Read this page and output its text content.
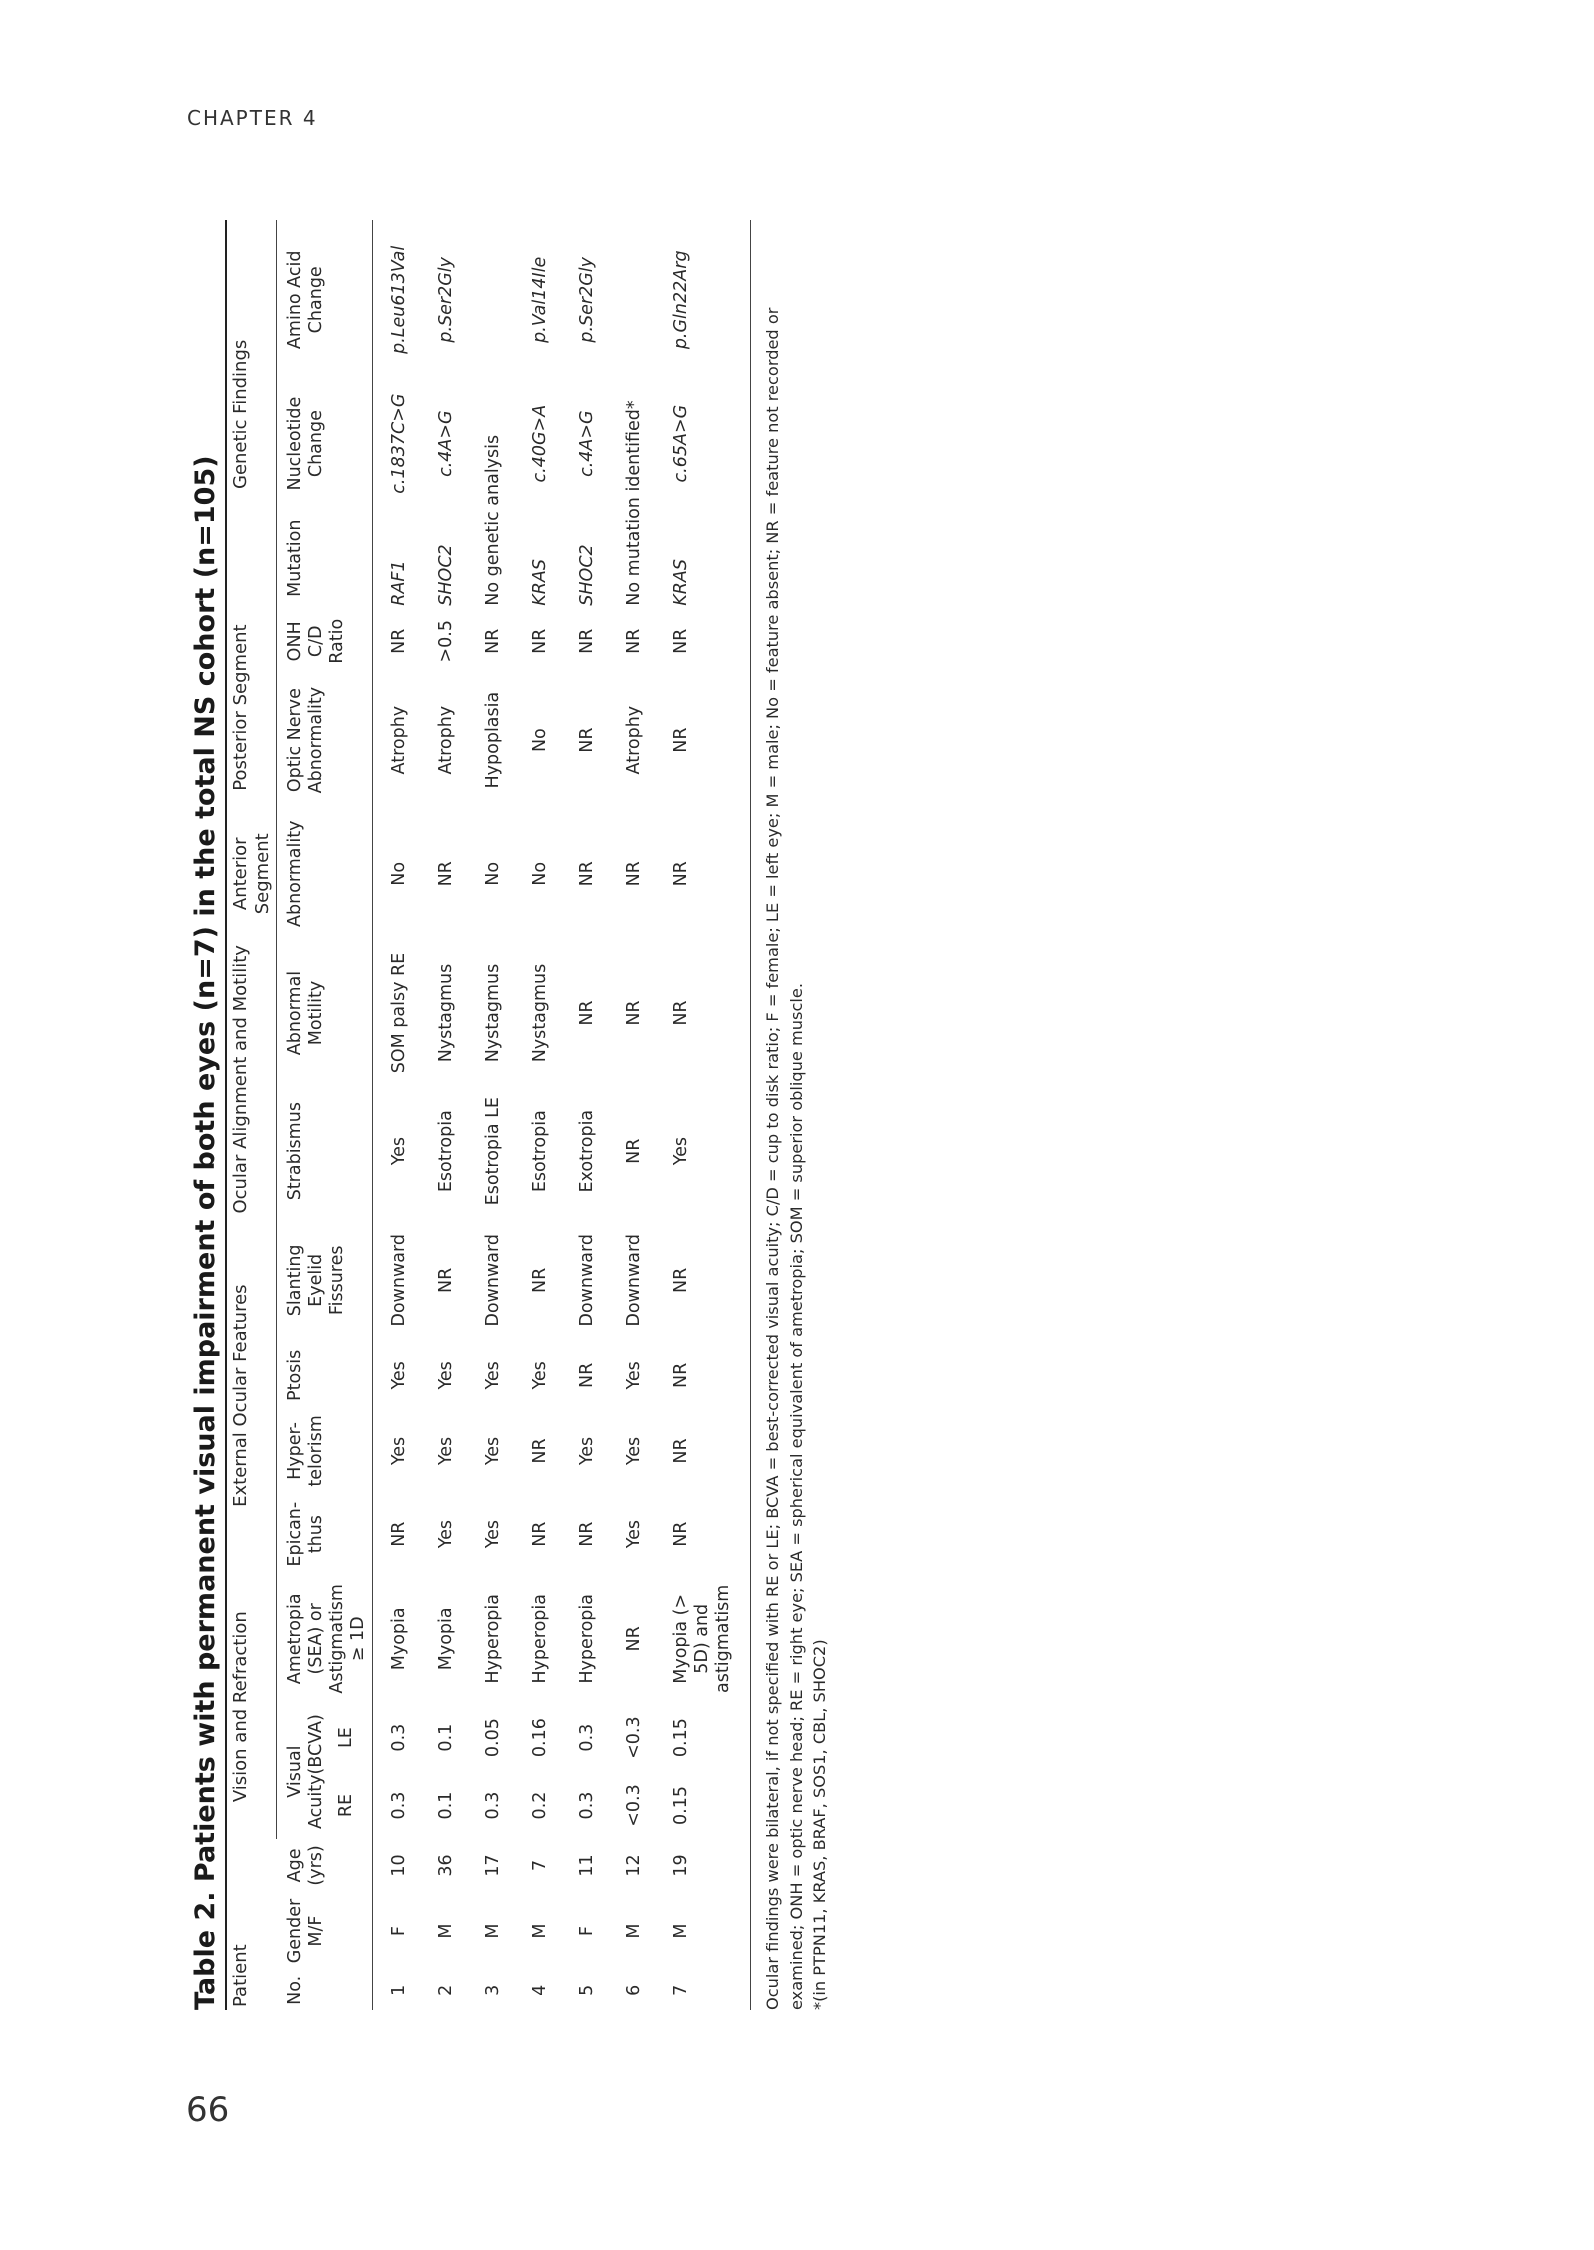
CHAPTER 4
66
Table 2. Patients with permanent visual impairment of both eyes (n=7) in the total NS cohort (n=105) Patient			Vision and Refraction			External Ocular Features				Ocular Alignment and Motility		Anterior Segment	Posterior Segment		Genetic Findings		
No.	Gender M/F	Age (yrs)	Visual Acuity(BCVA)		Ametropia (SEA) or Astigmatism ≥ 1D	Epican- thus	Hyper- telorism	Ptosis	Slanting Eyelid Fissures	Strabismus	Abnormal Motility	Abnormality	Optic Nerve Abnormality	ONH C/D Ratio	Mutation	Nucleotide Change	Amino Acid Change
			RE	LE													
1	F	10	0.3	0.3	Myopia	NR	Yes	Yes	Downward	Yes	SOM palsy RE	No	Atrophy	NR	RAF1	c.1837C>G	p.Leu613Val
2	M	36	0.1	0.1	Myopia	Yes	Yes	Yes	NR	Esotropia	Nystagmus	NR	Atrophy	>0.5	SHOC2	c.4A>G	p.Ser2Gly
3	M	17	0.3	0.05	Hyperopia	Yes	Yes	Yes	Downward	Esotropia LE	Nystagmus	No	Hypoplasia	NR	No genetic analysis		
4	M	7	0.2	0.16	Hyperopia	NR	NR	Yes	NR	Esotropia	Nystagmus	No	No	NR	KRAS	c.40G>A	p.Val14Ile
5	F	11	0.3	0.3	Hyperopia	NR	Yes	NR	Downward	Exotropia	NR	NR	NR	NR	SHOC2	c.4A>G	p.Ser2Gly
6	M	12	<0.3	<0.3	NR	Yes	Yes	Yes	Downward	NR	NR	NR	Atrophy	NR	No mutation identified*		
7	M	19	0.15	0.15	Myopia (> 5D) and astigmatism	NR	NR	NR	NR	Yes	NR	NR	NR	NR	KRAS	c.65A>G	p.Gln22Arg
Ocular findings were bilateral, if not specified with RE or LE; BCVA = best-corrected visual acuity; C/D = cup to disk ratio; F = female; LE = left eye; M = male; No = feature absent; NR = feature not recorded or examined; ONH = optic nerve head; RE = right eye; SEA = spherical equivalent of ametropia; SOM = superior oblique muscle. *(in PTPN11, KRAS, BRAF, SOS1, CBL, SHOC2)
